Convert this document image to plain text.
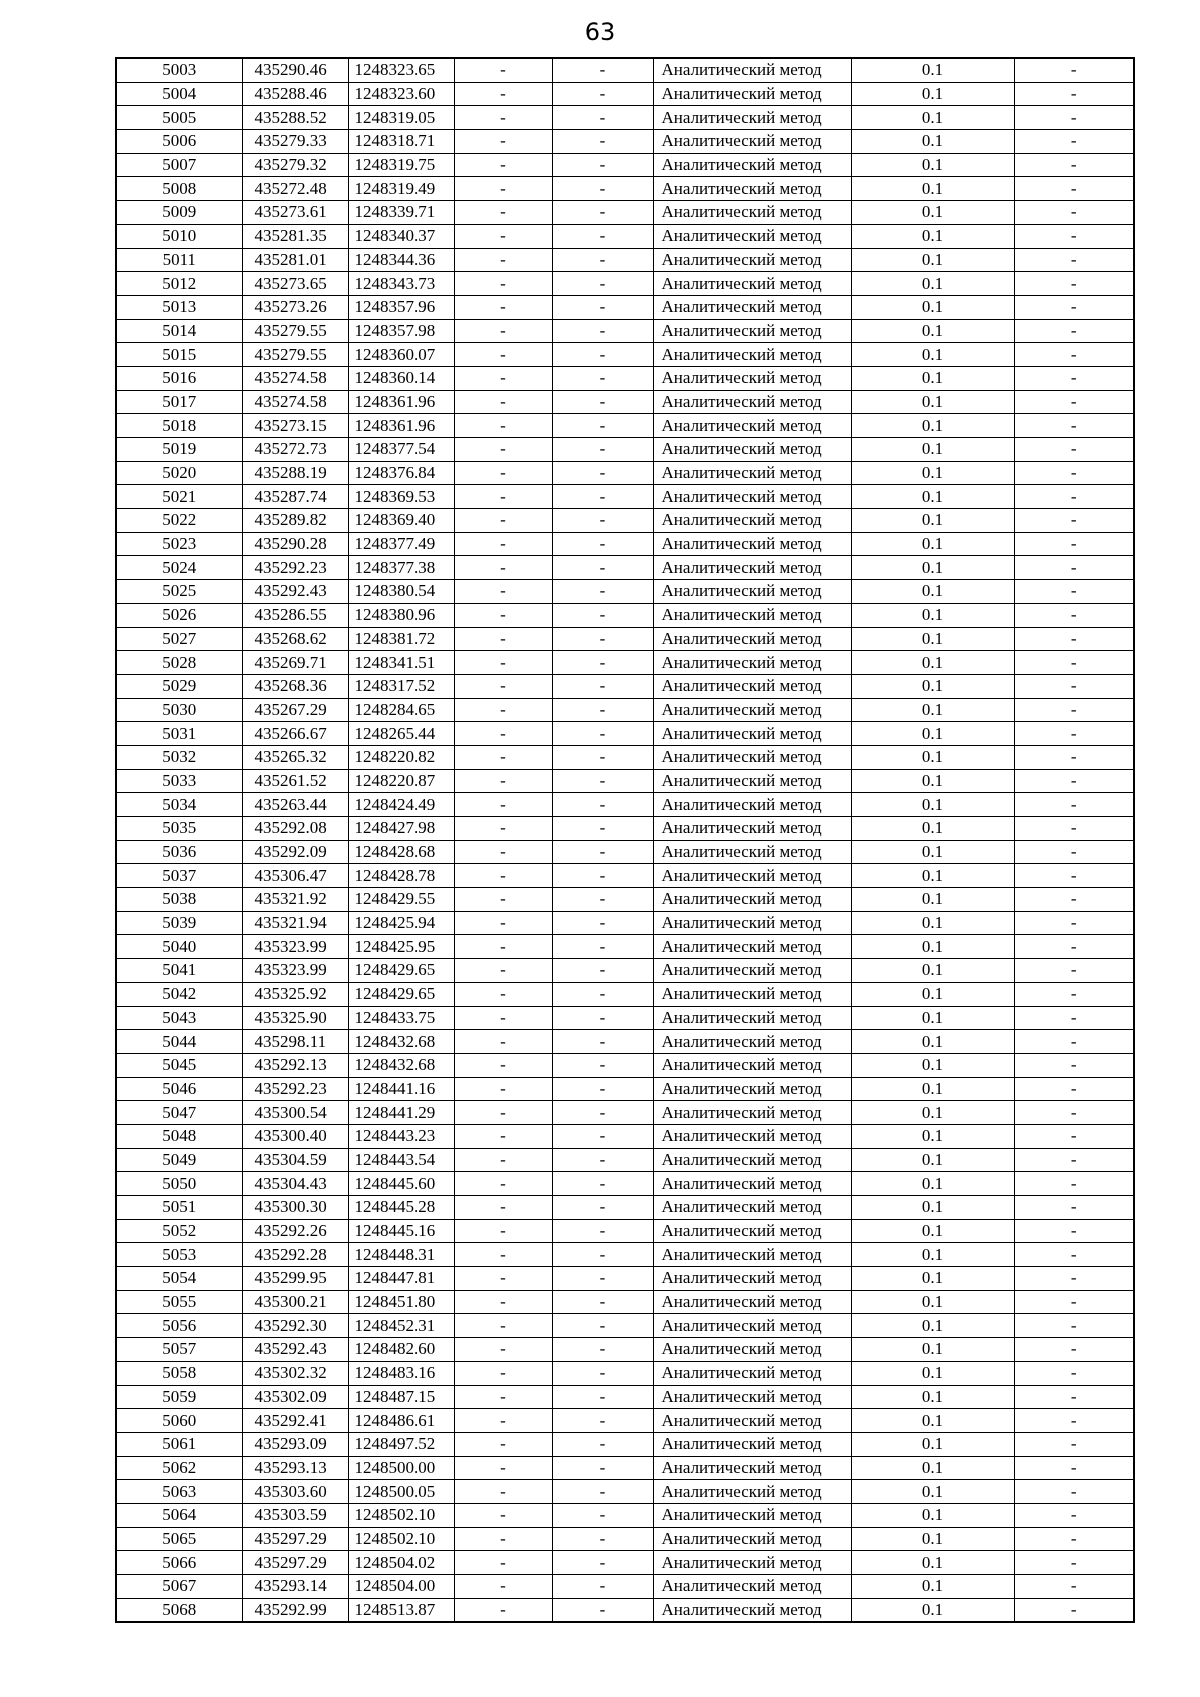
63
5003	435290.46	1248323.65	-	-	Аналитический метод	0.1	-
5004	435288.46	1248323.60	-	-	Аналитический метод	0.1	-
5005	435288.52	1248319.05	-	-	Аналитический метод	0.1	-
5006	435279.33	1248318.71	-	-	Аналитический метод	0.1	-
5007	435279.32	1248319.75	-	-	Аналитический метод	0.1	-
5008	435272.48	1248319.49	-	-	Аналитический метод	0.1	-
5009	435273.61	1248339.71	-	-	Аналитический метод	0.1	-
5010	435281.35	1248340.37	-	-	Аналитический метод	0.1	-
5011	435281.01	1248344.36	-	-	Аналитический метод	0.1	-
5012	435273.65	1248343.73	-	-	Аналитический метод	0.1	-
5013	435273.26	1248357.96	-	-	Аналитический метод	0.1	-
5014	435279.55	1248357.98	-	-	Аналитический метод	0.1	-
5015	435279.55	1248360.07	-	-	Аналитический метод	0.1	-
5016	435274.58	1248360.14	-	-	Аналитический метод	0.1	-
5017	435274.58	1248361.96	-	-	Аналитический метод	0.1	-
5018	435273.15	1248361.96	-	-	Аналитический метод	0.1	-
5019	435272.73	1248377.54	-	-	Аналитический метод	0.1	-
5020	435288.19	1248376.84	-	-	Аналитический метод	0.1	-
5021	435287.74	1248369.53	-	-	Аналитический метод	0.1	-
5022	435289.82	1248369.40	-	-	Аналитический метод	0.1	-
5023	435290.28	1248377.49	-	-	Аналитический метод	0.1	-
5024	435292.23	1248377.38	-	-	Аналитический метод	0.1	-
5025	435292.43	1248380.54	-	-	Аналитический метод	0.1	-
5026	435286.55	1248380.96	-	-	Аналитический метод	0.1	-
5027	435268.62	1248381.72	-	-	Аналитический метод	0.1	-
5028	435269.71	1248341.51	-	-	Аналитический метод	0.1	-
5029	435268.36	1248317.52	-	-	Аналитический метод	0.1	-
5030	435267.29	1248284.65	-	-	Аналитический метод	0.1	-
5031	435266.67	1248265.44	-	-	Аналитический метод	0.1	-
5032	435265.32	1248220.82	-	-	Аналитический метод	0.1	-
5033	435261.52	1248220.87	-	-	Аналитический метод	0.1	-
5034	435263.44	1248424.49	-	-	Аналитический метод	0.1	-
5035	435292.08	1248427.98	-	-	Аналитический метод	0.1	-
5036	435292.09	1248428.68	-	-	Аналитический метод	0.1	-
5037	435306.47	1248428.78	-	-	Аналитический метод	0.1	-
5038	435321.92	1248429.55	-	-	Аналитический метод	0.1	-
5039	435321.94	1248425.94	-	-	Аналитический метод	0.1	-
5040	435323.99	1248425.95	-	-	Аналитический метод	0.1	-
5041	435323.99	1248429.65	-	-	Аналитический метод	0.1	-
5042	435325.92	1248429.65	-	-	Аналитический метод	0.1	-
5043	435325.90	1248433.75	-	-	Аналитический метод	0.1	-
5044	435298.11	1248432.68	-	-	Аналитический метод	0.1	-
5045	435292.13	1248432.68	-	-	Аналитический метод	0.1	-
5046	435292.23	1248441.16	-	-	Аналитический метод	0.1	-
5047	435300.54	1248441.29	-	-	Аналитический метод	0.1	-
5048	435300.40	1248443.23	-	-	Аналитический метод	0.1	-
5049	435304.59	1248443.54	-	-	Аналитический метод	0.1	-
5050	435304.43	1248445.60	-	-	Аналитический метод	0.1	-
5051	435300.30	1248445.28	-	-	Аналитический метод	0.1	-
5052	435292.26	1248445.16	-	-	Аналитический метод	0.1	-
5053	435292.28	1248448.31	-	-	Аналитический метод	0.1	-
5054	435299.95	1248447.81	-	-	Аналитический метод	0.1	-
5055	435300.21	1248451.80	-	-	Аналитический метод	0.1	-
5056	435292.30	1248452.31	-	-	Аналитический метод	0.1	-
5057	435292.43	1248482.60	-	-	Аналитический метод	0.1	-
5058	435302.32	1248483.16	-	-	Аналитический метод	0.1	-
5059	435302.09	1248487.15	-	-	Аналитический метод	0.1	-
5060	435292.41	1248486.61	-	-	Аналитический метод	0.1	-
5061	435293.09	1248497.52	-	-	Аналитический метод	0.1	-
5062	435293.13	1248500.00	-	-	Аналитический метод	0.1	-
5063	435303.60	1248500.05	-	-	Аналитический метод	0.1	-
5064	435303.59	1248502.10	-	-	Аналитический метод	0.1	-
5065	435297.29	1248502.10	-	-	Аналитический метод	0.1	-
5066	435297.29	1248504.02	-	-	Аналитический метод	0.1	-
5067	435293.14	1248504.00	-	-	Аналитический метод	0.1	-
5068	435292.99	1248513.87	-	-	Аналитический метод	0.1	-
